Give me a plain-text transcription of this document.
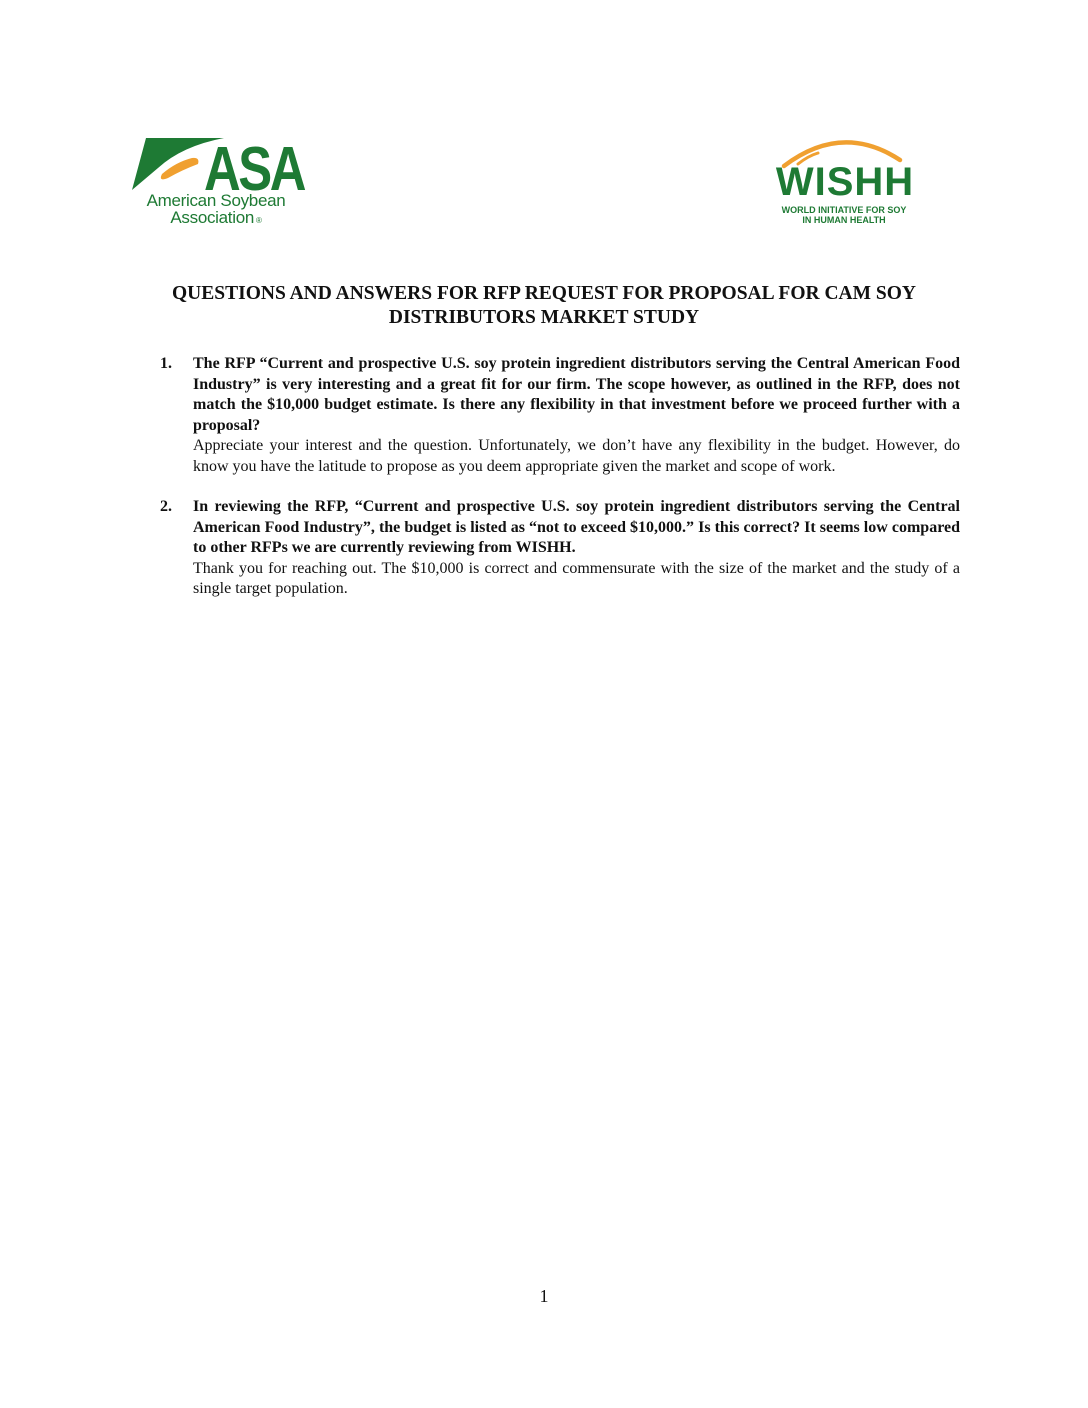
ASA
American Soybean
Association ®
WISHH
WORLD INITIATIVE FOR SOY
IN HUMAN HEALTH
QUESTIONS AND ANSWERS FOR RFP REQUEST FOR PROPOSAL FOR CAM SOY
DISTRIBUTORS MARKET STUDY
1. The RFP “Current and prospective U.S. soy protein ingredient distributors serving the Central American Food Industry” is very interesting and a great fit for our firm. The scope however, as outlined in the RFP, does not match the $10,000 budget estimate. Is there any flexibility in that investment before we proceed further with a proposal?
Appreciate your interest and the question. Unfortunately, we don’t have any flexibility in the budget. However, do know you have the latitude to propose as you deem appropriate given the market and scope of work.
2. In reviewing the RFP, “Current and prospective U.S. soy protein ingredient distributors serving the Central American Food Industry”, the budget is listed as “not to exceed $10,000.” Is this correct? It seems low compared to other RFPs we are currently reviewing from WISHH.
Thank you for reaching out. The $10,000 is correct and commensurate with the size of the market and the study of a single target population.
1
